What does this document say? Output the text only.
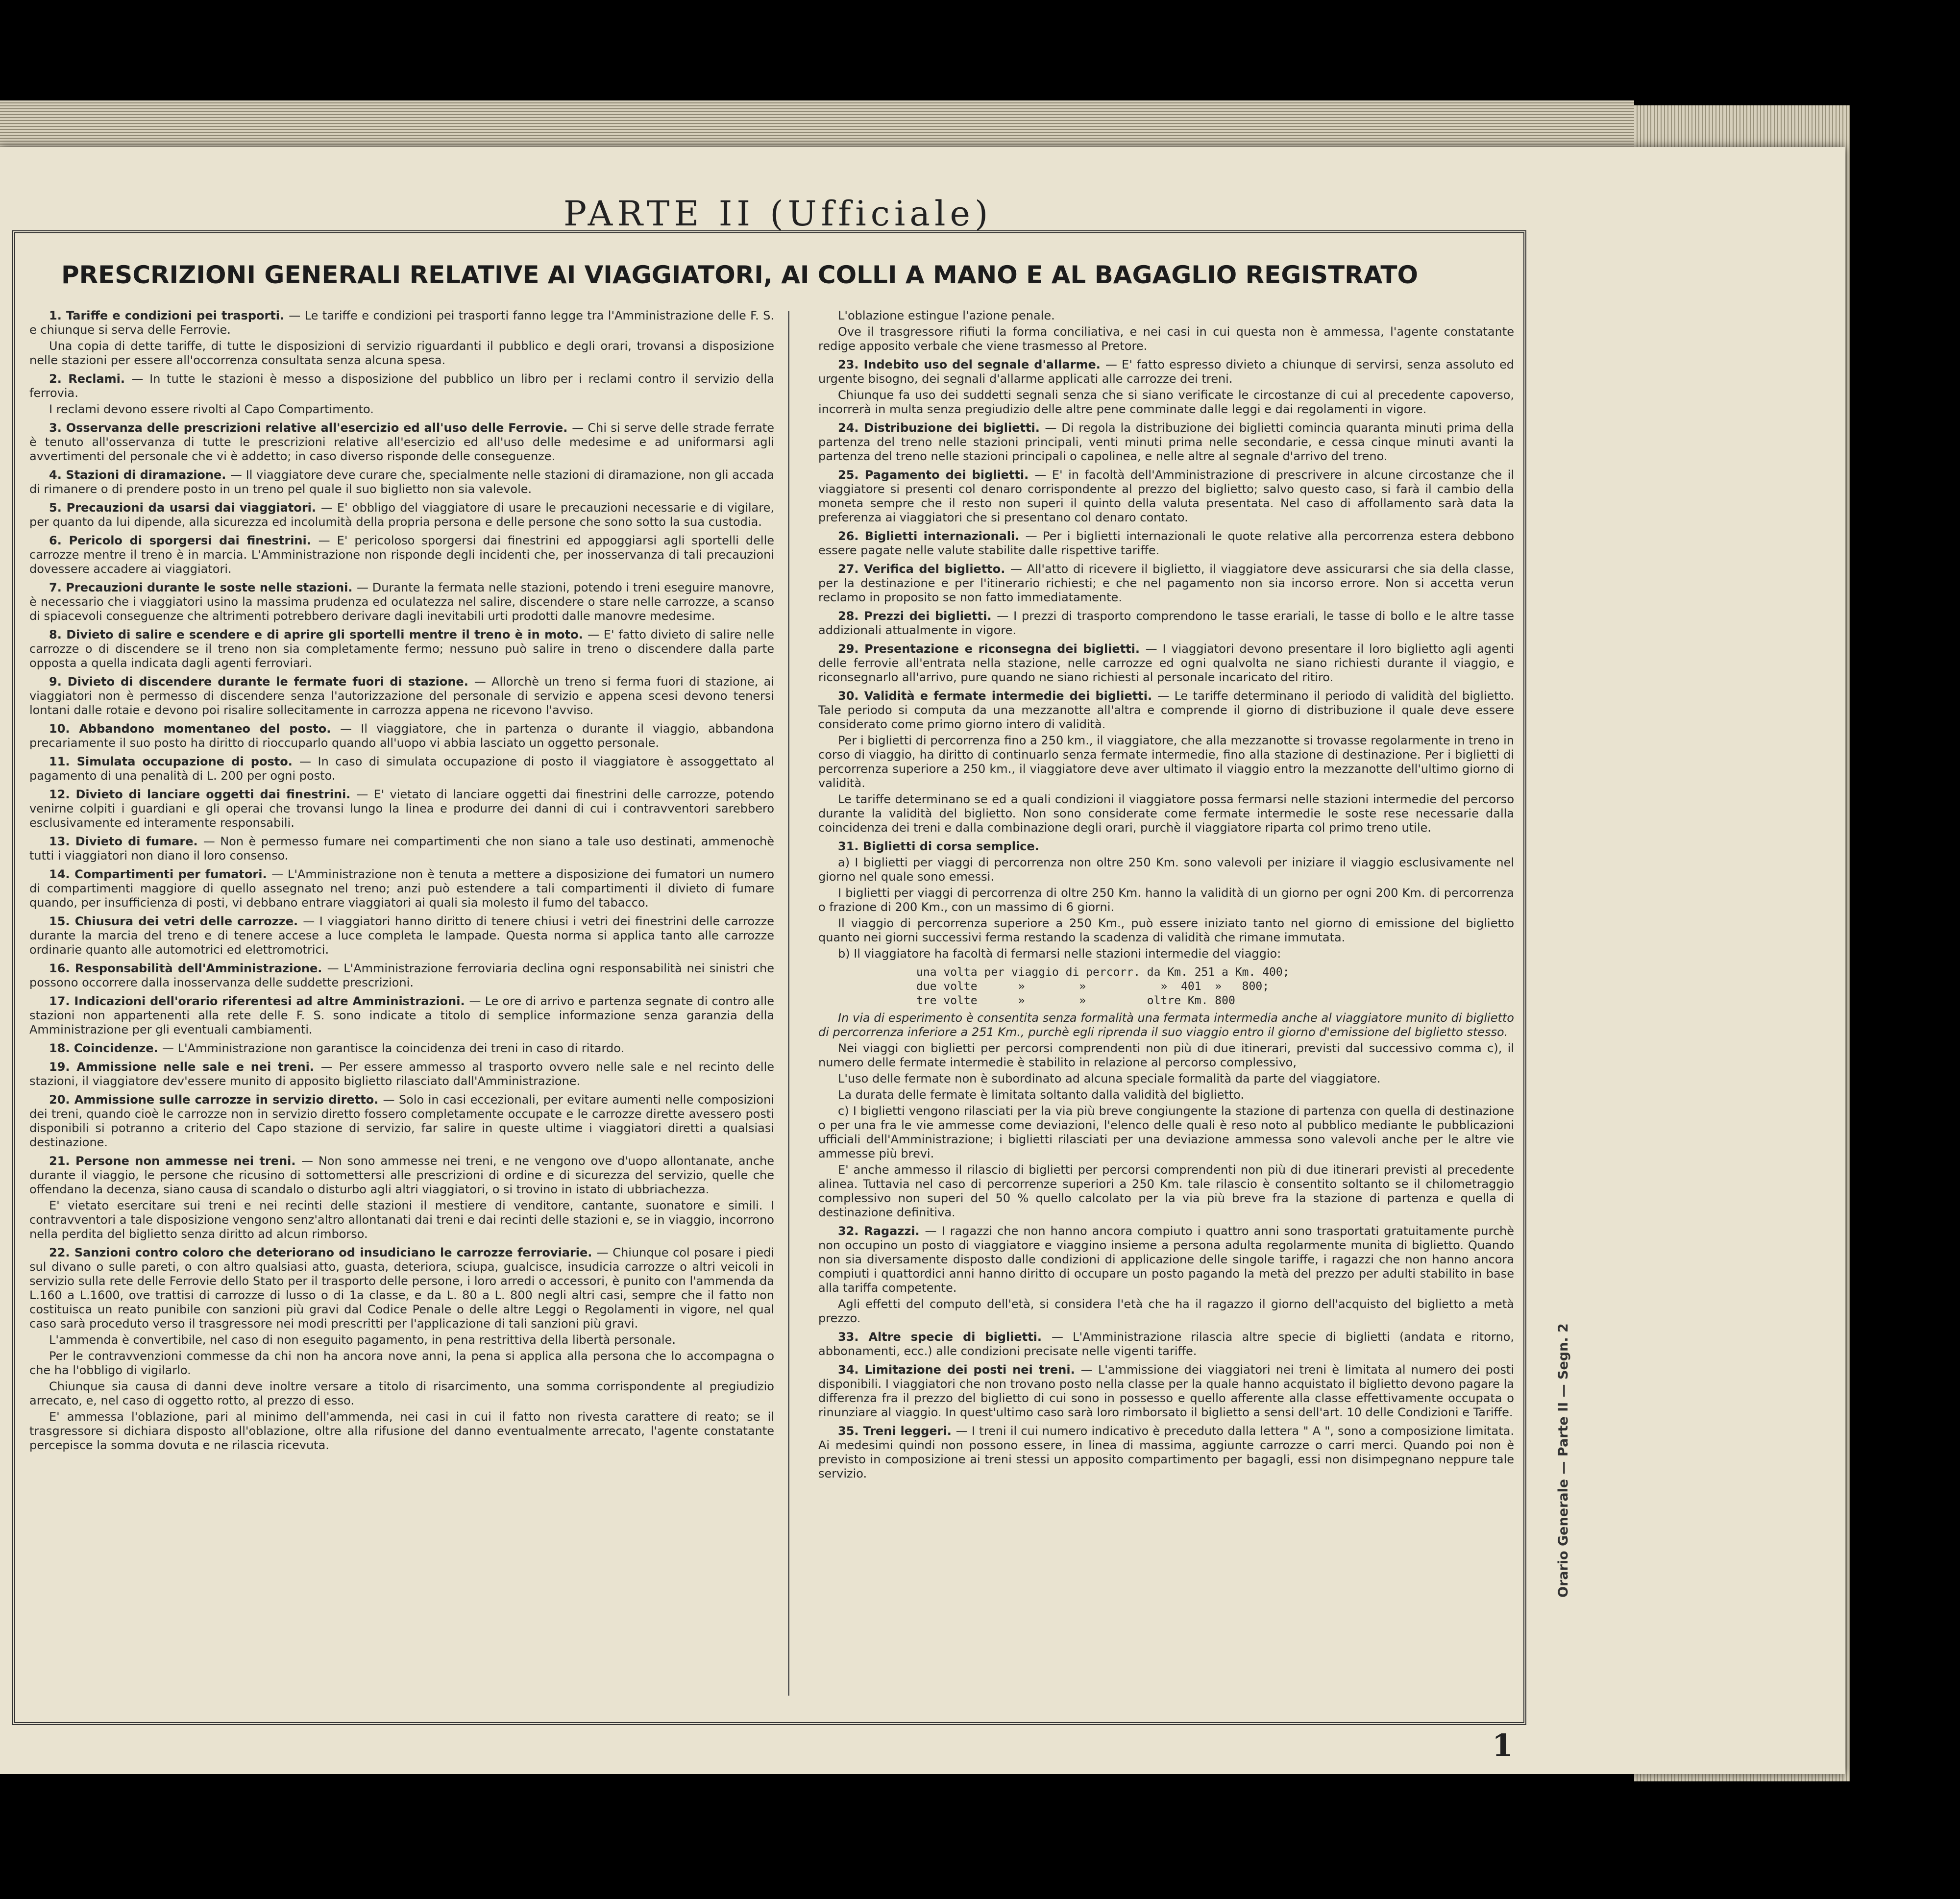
PARTE II (Ufficiale)
PRESCRIZIONI GENERALI RELATIVE AI VIAGGIATORI, AI COLLI A MANO E AL BAGAGLIO REGISTRATO

1. Tariffe e condizioni pei trasporti. — Le tariffe e condizioni pei trasporti fanno legge tra l'Amministrazione delle F. S. e chiunque si serva delle Ferrovie.

Una copia di dette tariffe, di tutte le disposizioni di servizio riguardanti il pubblico e degli orari, trovansi a disposizione nelle stazioni per essere all'occorrenza consultata senza alcuna spesa.

2. Reclami. — In tutte le stazioni è messo a disposizione del pubblico un libro per i reclami contro il servizio della ferrovia.

I reclami devono essere rivolti al Capo Compartimento.

3. Osservanza delle prescrizioni relative all'esercizio ed all'uso delle Ferrovie. — Chi si serve delle strade ferrate è tenuto all'osservanza di tutte le prescrizioni relative all'esercizio ed all'uso delle medesime e ad uniformarsi agli avvertimenti del personale che vi è addetto; in caso diverso risponde delle conseguenze.

4. Stazioni di diramazione. — Il viaggiatore deve curare che, specialmente nelle stazioni di diramazione, non gli accada di rimanere o di prendere posto in un treno pel quale il suo biglietto non sia valevole.

5. Precauzioni da usarsi dai viaggiatori. — E' obbligo del viaggiatore di usare le precauzioni necessarie e di vigilare, per quanto da lui dipende, alla sicurezza ed incolumità della propria persona e delle persone che sono sotto la sua custodia.

6. Pericolo di sporgersi dai finestrini. — E' pericoloso sporgersi dai finestrini ed appoggiarsi agli sportelli delle carrozze mentre il treno è in marcia. L'Amministrazione non risponde degli incidenti che, per inosservanza di tali precauzioni dovessere accadere ai viaggiatori.

7. Precauzioni durante le soste nelle stazioni. — Durante la fermata nelle stazioni, potendo i treni eseguire manovre, è necessario che i viaggiatori usino la massima prudenza ed oculatezza nel salire, discendere o stare nelle carrozze, a scanso di spiacevoli conseguenze che altrimenti potrebbero derivare dagli inevitabili urti prodotti dalle manovre medesime.

8. Divieto di salire e scendere e di aprire gli sportelli mentre il treno è in moto. — E' fatto divieto di salire nelle carrozze o di discendere se il treno non sia completamente fermo; nessuno può salire in treno o discendere dalla parte opposta a quella indicata dagli agenti ferroviari.

9. Divieto di discendere durante le fermate fuori di stazione. — Allorchè un treno si ferma fuori di stazione, ai viaggiatori non è permesso di discendere senza l'autorizzazione del personale di servizio e appena scesi devono tenersi lontani dalle rotaie e devono poi risalire sollecitamente in carrozza appena ne ricevono l'avviso.

10. Abbandono momentaneo del posto. — Il viaggiatore, che in partenza o durante il viaggio, abbandona precariamente il suo posto ha diritto di rioccuparlo quando all'uopo vi abbia lasciato un oggetto personale.

11. Simulata occupazione di posto. — In caso di simulata occupazione di posto il viaggiatore è assoggettato al pagamento di una penalità di L. 200 per ogni posto.

12. Divieto di lanciare oggetti dai finestrini. — E' vietato di lanciare oggetti dai finestrini delle carrozze, potendo venirne colpiti i guardiani e gli operai che trovansi lungo la linea e produrre dei danni di cui i contravventori sarebbero esclusivamente ed interamente responsabili.

13. Divieto di fumare. — Non è permesso fumare nei compartimenti che non siano a tale uso destinati, ammenochè tutti i viaggiatori non diano il loro consenso.

14. Compartimenti per fumatori. — L'Amministrazione non è tenuta a mettere a disposizione dei fumatori un numero di compartimenti maggiore di quello assegnato nel treno; anzi può estendere a tali compartimenti il divieto di fumare quando, per insufficienza di posti, vi debbano entrare viaggiatori ai quali sia molesto il fumo del tabacco.

15. Chiusura dei vetri delle carrozze. — I viaggiatori hanno diritto di tenere chiusi i vetri dei finestrini delle carrozze durante la marcia del treno e di tenere accese a luce completa le lampade. Questa norma si applica tanto alle carrozze ordinarie quanto alle automotrici ed elettromotrici.

16. Responsabilità dell'Amministrazione. — L'Amministrazione ferroviaria declina ogni responsabilità nei sinistri che possono occorrere dalla inosservanza delle suddette prescrizioni.

17. Indicazioni dell'orario riferentesi ad altre Amministrazioni. — Le ore di arrivo e partenza segnate di contro alle stazioni non appartenenti alla rete delle F. S. sono indicate a titolo di semplice informazione senza garanzia della Amministrazione per gli eventuali cambiamenti.

18. Coincidenze. — L'Amministrazione non garantisce la coincidenza dei treni in caso di ritardo.

19. Ammissione nelle sale e nei treni. — Per essere ammesso al trasporto ovvero nelle sale e nel recinto delle stazioni, il viaggiatore dev'essere munito di apposito biglietto rilasciato dall'Amministrazione.

20. Ammissione sulle carrozze in servizio diretto. — Solo in casi eccezionali, per evitare aumenti nelle composizioni dei treni, quando cioè le carrozze non in servizio diretto fossero completamente occupate e le carrozze dirette avessero posti disponibili si potranno a criterio del Capo stazione di servizio, far salire in queste ultime i viaggiatori diretti a qualsiasi destinazione.

21. Persone non ammesse nei treni. — Non sono ammesse nei treni, e ne vengono ove d'uopo allontanate, anche durante il viaggio, le persone che ricusino di sottomettersi alle prescrizioni di ordine e di sicurezza del servizio, quelle che offendano la decenza, siano causa di scandalo o disturbo agli altri viaggiatori, o si trovino in istato di ubbriachezza.

E' vietato esercitare sui treni e nei recinti delle stazioni il mestiere di venditore, cantante, suonatore e simili. I contravventori a tale disposizione vengono senz'altro allontanati dai treni e dai recinti delle stazioni e, se in viaggio, incorrono nella perdita del biglietto senza diritto ad alcun rimborso.

22. Sanzioni contro coloro che deteriorano od insudiciano le carrozze ferroviarie. — Chiunque col posare i piedi sul divano o sulle pareti, o con altro qualsiasi atto, guasta, deteriora, sciupa, gualcisce, insudicia carrozze o altri veicoli in servizio sulla rete delle Ferrovie dello Stato per il trasporto delle persone, i loro arredi o accessori, è punito con l'ammenda da L.160 a L.1600, ove trattisi di carrozze di lusso o di 1a classe, e da L. 80 a L. 800 negli altri casi, sempre che il fatto non costituisca un reato punibile con sanzioni più gravi dal Codice Penale o delle altre Leggi o Regolamenti in vigore, nel qual caso sarà proceduto verso il trasgressore nei modi prescritti per l'applicazione di tali sanzioni più gravi.

L'ammenda è convertibile, nel caso di non eseguito pagamento, in pena restrittiva della libertà personale.

Per le contravvenzioni commesse da chi non ha ancora nove anni, la pena si applica alla persona che lo accompagna o che ha l'obbligo di vigilarlo.

Chiunque sia causa di danni deve inoltre versare a titolo di risarcimento, una somma corrispondente al pregiudizio arrecato, e, nel caso di oggetto rotto, al prezzo di esso.

E' ammessa l'oblazione, pari al minimo dell'ammenda, nei casi in cui il fatto non rivesta carattere di reato; se il trasgressore si dichiara disposto all'oblazione, oltre alla rifusione del danno eventualmente arrecato, l'agente constatante percepisce la somma dovuta e ne rilascia ricevuta.

L'oblazione estingue l'azione penale.

Ove il trasgressore rifiuti la forma conciliativa, e nei casi in cui questa non è ammessa, l'agente constatante redige apposito verbale che viene trasmesso al Pretore.

23. Indebito uso del segnale d'allarme. — E' fatto espresso divieto a chiunque di servirsi, senza assoluto ed urgente bisogno, dei segnali d'allarme applicati alle carrozze dei treni.

Chiunque fa uso dei suddetti segnali senza che si siano verificate le circostanze di cui al precedente capoverso, incorrerà in multa senza pregiudizio delle altre pene comminate dalle leggi e dai regolamenti in vigore.

24. Distribuzione dei biglietti. — Di regola la distribuzione dei biglietti comincia quaranta minuti prima della partenza del treno nelle stazioni principali, venti minuti prima nelle secondarie, e cessa cinque minuti avanti la partenza del treno nelle stazioni principali o capolinea, e nelle altre al segnale d'arrivo del treno.

25. Pagamento dei biglietti. — E' in facoltà dell'Amministrazione di prescrivere in alcune circostanze che il viaggiatore si presenti col denaro corrispondente al prezzo del biglietto; salvo questo caso, si farà il cambio della moneta sempre che il resto non superi il quinto della valuta presentata. Nel caso di affollamento sarà data la preferenza ai viaggiatori che si presentano col denaro contato.

26. Biglietti internazionali. — Per i biglietti internazionali le quote relative alla percorrenza estera debbono essere pagate nelle valute stabilite dalle rispettive tariffe.

27. Verifica del biglietto. — All'atto di ricevere il biglietto, il viaggiatore deve assicurarsi che sia della classe, per la destinazione e per l'itinerario richiesti; e che nel pagamento non sia incorso errore. Non si accetta verun reclamo in proposito se non fatto immediatamente.

28. Prezzi dei biglietti. — I prezzi di trasporto comprendono le tasse erariali, le tasse di bollo e le altre tasse addizionali attualmente in vigore.

29. Presentazione e riconsegna dei biglietti. — I viaggiatori devono presentare il loro biglietto agli agenti delle ferrovie all'entrata nella stazione, nelle carrozze ed ogni qualvolta ne siano richiesti durante il viaggio, e riconsegnarlo all'arrivo, pure quando ne siano richiesti al personale incaricato del ritiro.

30. Validità e fermate intermedie dei biglietti. — Le tariffe determinano il periodo di validità del biglietto. Tale periodo si computa da una mezzanotte all'altra e comprende il giorno di distribuzione il quale deve essere considerato come primo giorno intero di validità.

Per i biglietti di percorrenza fino a 250 km., il viaggiatore, che alla mezzanotte si trovasse regolarmente in treno in corso di viaggio, ha diritto di continuarlo senza fermate intermedie, fino alla stazione di destinazione. Per i biglietti di percorrenza superiore a 250 km., il viaggiatore deve aver ultimato il viaggio entro la mezzanotte dell'ultimo giorno di validità.

Le tariffe determinano se ed a quali condizioni il viaggiatore possa fermarsi nelle stazioni intermedie del percorso durante la validità del biglietto. Non sono considerate come fermate intermedie le soste rese necessarie dalla coincidenza dei treni e dalla combinazione degli orari, purchè il viaggiatore riparta col primo treno utile.

31. Biglietti di corsa semplice.

a) I biglietti per viaggi di percorrenza non oltre 250 Km. sono valevoli per iniziare il viaggio esclusivamente nel giorno nel quale sono emessi.

I biglietti per viaggi di percorrenza di oltre 250 Km. hanno la validità di un giorno per ogni 200 Km. di percorrenza o frazione di 200 Km., con un massimo di 6 giorni.

Il viaggio di percorrenza superiore a 250 Km., può essere iniziato tanto nel giorno di emissione del biglietto quanto nei giorni successivi ferma restando la scadenza di validità che rimane immutata.

b) Il viaggiatore ha facoltà di fermarsi nelle stazioni intermedie del viaggio:

una volta per viaggio di percorr. da Km. 251 a Km. 400;
due volte      »        »           »  401  »   800;
tre volte      »        »         oltre Km. 800

In via di esperimento è consentita senza formalità una fermata intermedia anche al viaggiatore munito di biglietto di percorrenza inferiore a 251 Km., purchè egli riprenda il suo viaggio entro il giorno d'emissione del biglietto stesso.

Nei viaggi con biglietti per percorsi comprendenti non più di due itinerari, previsti dal successivo comma c), il numero delle fermate intermedie è stabilito in relazione al percorso complessivo,

L'uso delle fermate non è subordinato ad alcuna speciale formalità da parte del viaggiatore.

La durata delle fermate è limitata soltanto dalla validità del biglietto.

c) I biglietti vengono rilasciati per la via più breve congiungente la stazione di partenza con quella di destinazione o per una fra le vie ammesse come deviazioni, l'elenco delle quali è reso noto al pubblico mediante le pubblicazioni ufficiali dell'Amministrazione; i biglietti rilasciati per una deviazione ammessa sono valevoli anche per le altre vie ammesse più brevi.

E' anche ammesso il rilascio di biglietti per percorsi comprendenti non più di due itinerari previsti al precedente alinea. Tuttavia nel caso di percorrenze superiori a 250 Km. tale rilascio è consentito soltanto se il chilometraggio complessivo non superi del 50 % quello calcolato per la via più breve fra la stazione di partenza e quella di destinazione definitiva.

32. Ragazzi. — I ragazzi che non hanno ancora compiuto i quattro anni sono trasportati gratuitamente purchè non occupino un posto di viaggiatore e viaggino insieme a persona adulta regolarmente munita di biglietto. Quando non sia diversamente disposto dalle condizioni di applicazione delle singole tariffe, i ragazzi che non hanno ancora compiuti i quattordici anni hanno diritto di occupare un posto pagando la metà del prezzo per adulti stabilito in base alla tariffa competente.

Agli effetti del computo dell'età, si considera l'età che ha il ragazzo il giorno dell'acquisto del biglietto a metà prezzo.

33. Altre specie di biglietti. — L'Amministrazione rilascia altre specie di biglietti (andata e ritorno, abbonamenti, ecc.) alle condizioni precisate nelle vigenti tariffe.

34. Limitazione dei posti nei treni. — L'ammissione dei viaggiatori nei treni è limitata al numero dei posti disponibili. I viaggiatori che non trovano posto nella classe per la quale hanno acquistato il biglietto devono pagare la differenza fra il prezzo del biglietto di cui sono in possesso e quello afferente alla classe effettivamente occupata o rinunziare al viaggio. In quest'ultimo caso sarà loro rimborsato il biglietto a sensi dell'art. 10 delle Condizioni e Tariffe.

35. Treni leggeri. — I treni il cui numero indicativo è preceduto dalla lettera " A ", sono a composizione limitata. Ai medesimi quindi non possono essere, in linea di massima, aggiunte carrozze o carri merci. Quando poi non è previsto in composizione ai treni stessi un apposito compartimento per bagagli, essi non disimpegnano neppure tale servizio.	Orario Generale — Parte II — Segn. 2
1
